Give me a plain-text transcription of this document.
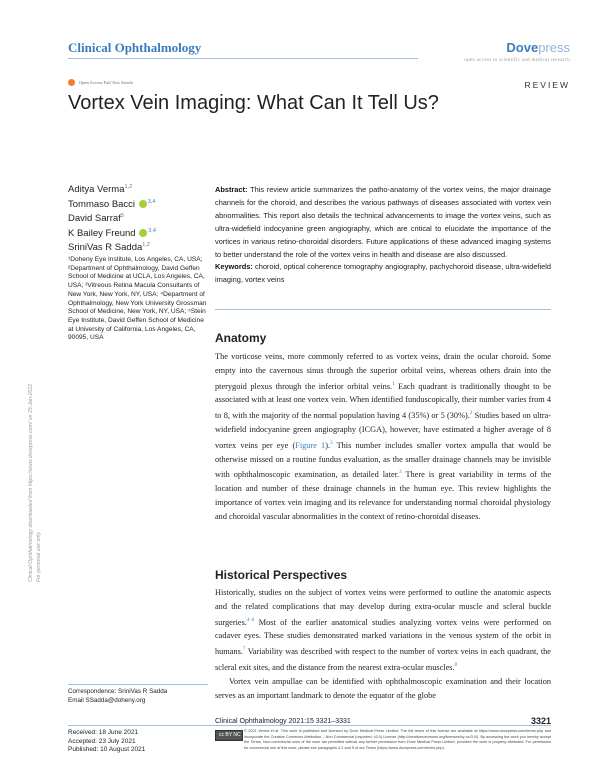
Clinical Ophthalmology	Dovepress
open access to scientific and medical research
Open Access Full Text Article	REVIEW
Vortex Vein Imaging: What Can It Tell Us?
Clinical Ophthalmology downloaded from https://www.dovepress.com/ on 25-Jan-2022 For personal use only.
Aditya Verma$^{1,2}$
Tommaso Bacci $^{3,4}$
David Sarraf$^5$
K Bailey Freund $^{3,4}$
SriniVas R Sadda$^{1,2}$
¹Doheny Eye Institute, Los Angeles, CA, USA; ²Department of Ophthalmology, David Geffen School of Medicine at UCLA, Los Angeles, CA, USA; ³Vitreous Retina Macula Consultants of New York, New York, NY, USA; ⁴Department of Ophthalmology, New York University Grossman School of Medicine, New York, NY, USA; ⁵Stein Eye Institute, David Geffen School of Medicine at University of California, Los Angeles, CA, 90095, USA
Abstract: This review article summarizes the patho-anatomy of the vortex veins, the major drainage channels for the choroid, and describes the various pathways of diseases associated with vortex vein abnormalities. This report also details the technical advancements to image the vortex veins, such as ultra-widefield indocyanine green angiography, which are critical to elucidate the importance of the vortices in various retino-choroidal disorders. Future applications of these advanced imaging systems to better understand the role of the vortex veins in health and disease are also discussed.
Keywords: choroid, optical coherence tomography angiography, pachychoroid disease, ultra-widefield imaging, vortex veins
Anatomy
The vorticose veins, more commonly referred to as vortex veins, drain the ocular choroid. Some empty into the cavernous sinus through the superior orbital veins, whereas others drain into the pterygoid plexus through the inferior orbital veins.$^1$ Each quadrant is traditionally thought to be associated with at least one vortex vein. When identified funduscopically, their number varies from 4 to 8, with the majority of the normal population having 4 (35%) or 5 (30%).$^2$ Studies based on ultra-widefield indocyanine green angiography (ICGA), however, have estimated a higher average of 8 vortex veins per eye (Figure 1).$^3$ This number includes smaller vortex ampulla that would be otherwise missed on a routine fundus evaluation, as the smaller drainage channels may be invisible with ophthalmoscopic examination, as detailed later.$^3$ There is great variability in terms of the location and number of these drainage channels in the human eye. This review highlights the importance of vortex vein imaging and its relevance for understanding normal choroidal physiology and choroidal vascular abnormalities in the context of retino-choroidal diseases.
Historical Perspectives
Historically, studies on the subject of vortex veins were performed to outline the anatomic aspects and the related complications that may develop during extra-ocular muscle and scleral buckle surgeries.$^{4-6}$ Most of the earlier anatomical studies analyzing vortex veins were performed on cadaver eyes. These studies demonstrated marked variations in the venous system of the orbit in humans.$^7$ Variability was described with respect to the number of vortex veins in each quadrant, the scleral exit sites, and the distance from the nearest extra-ocular muscles.$^8$
Vortex vein ampullae can be identified with ophthalmoscopic examination and their location serves as an important landmark to denote the equator of the globe
Correspondence: SriniVas R Sadda
Email SSadda@doheny.org
Clinical Ophthalmology 2021:15 3321–3331	3321
Received: 18 June 2021
Accepted: 23 July 2021
Published: 10 August 2021
cc BY NC
© 2021 Verma et al. This work is published and licensed by Dove Medical Press Limited. The full terms of this license are available at https://www.dovepress.com/terms.php and incorporate the Creative Commons Attribution – Non Commercial (unported, v3.0) License (http://creativecommons.org/licenses/by-nc/3.0/). By accessing the work you hereby accept the Terms. Non-commercial uses of the work are permitted without any further permission from Dove Medical Press Limited, provided the work is properly attributed. For permission for commercial use of this work, please see paragraphs 4.2 and 5 of our Terms (https://www.dovepress.com/terms.php).
